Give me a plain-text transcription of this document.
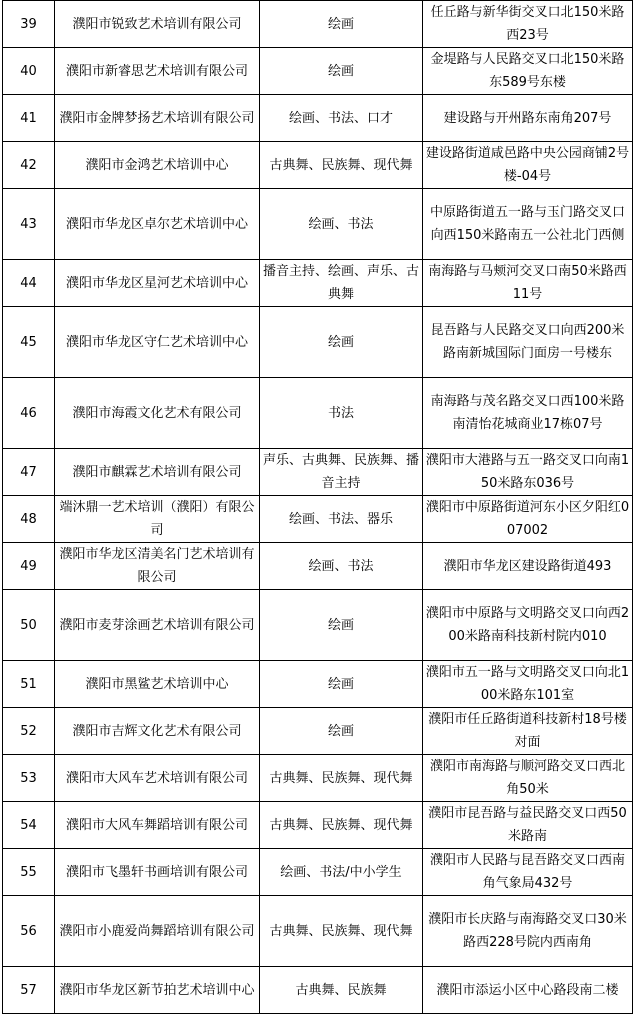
39	濮阳市锐致艺术培训有限公司	绘画	任丘路与新华街交叉口北150米路西23号
40	濮阳市新睿思艺术培训有限公司	绘画	金堤路与人民路交叉口北150米路东589号东楼
41	濮阳市金牌梦扬艺术培训有限公司	绘画、书法、口才	建设路与开州路东南角207号
42	濮阳市金鸿艺术培训中心	古典舞、民族舞、现代舞	建设路街道咸邑路中央公园商铺2号楼-04号
43	濮阳市华龙区卓尔艺术培训中心	绘画、书法	中原路街道五一路与玉门路交叉口向西150米路南五一公社北门西侧
44	濮阳市华龙区星河艺术培训中心	播音主持、绘画、声乐、古典舞	南海路与马颊河交叉口南50米路西11号
45	濮阳市华龙区守仁艺术培训中心	绘画	昆吾路与人民路交叉口向西200米路南新城国际门面房一号楼东
46	濮阳市海霞文化艺术有限公司	书法	南海路与茂名路交叉口西100米路南清怡花城商业17栋07号
47	濮阳市麒霖艺术培训有限公司	声乐、古典舞、民族舞、播音主持	濮阳市大港路与五一路交叉口向南150米路东036号
48	端沐鼎一艺术培训（濮阳）有限公司	绘画、书法、器乐	濮阳市中原路街道河东小区夕阳红007002
49	濮阳市华龙区清美名门艺术培训有限公司	绘画、书法	濮阳市华龙区建设路街道493
50	濮阳市麦芽涂画艺术培训有限公司	绘画	濮阳市中原路与文明路交叉口向西200米路南科技新村院内010
51	濮阳市黑鲨艺术培训中心	绘画	濮阳市五一路与文明路交叉口向北100米路东101室
52	濮阳市吉辉文化艺术有限公司	绘画	濮阳市任丘路街道科技新村18号楼对面
53	濮阳市大风车艺术培训有限公司	古典舞、民族舞、现代舞	濮阳市南海路与顺河路交叉口西北角50米
54	濮阳市大风车舞蹈培训有限公司	古典舞、民族舞、现代舞	濮阳市昆吾路与益民路交叉口西50米路南
55	濮阳市飞墨轩书画培训有限公司	绘画、书法/中小学生	濮阳市人民路与昆吾路交叉口西南角气象局432号
56	濮阳市小鹿爱尚舞蹈培训有限公司	古典舞、民族舞、现代舞	濮阳市长庆路与南海路交叉口30米路西228号院内西南角
57	濮阳市华龙区新节拍艺术培训中心	古典舞、民族舞	濮阳市添运小区中心路段南二楼
